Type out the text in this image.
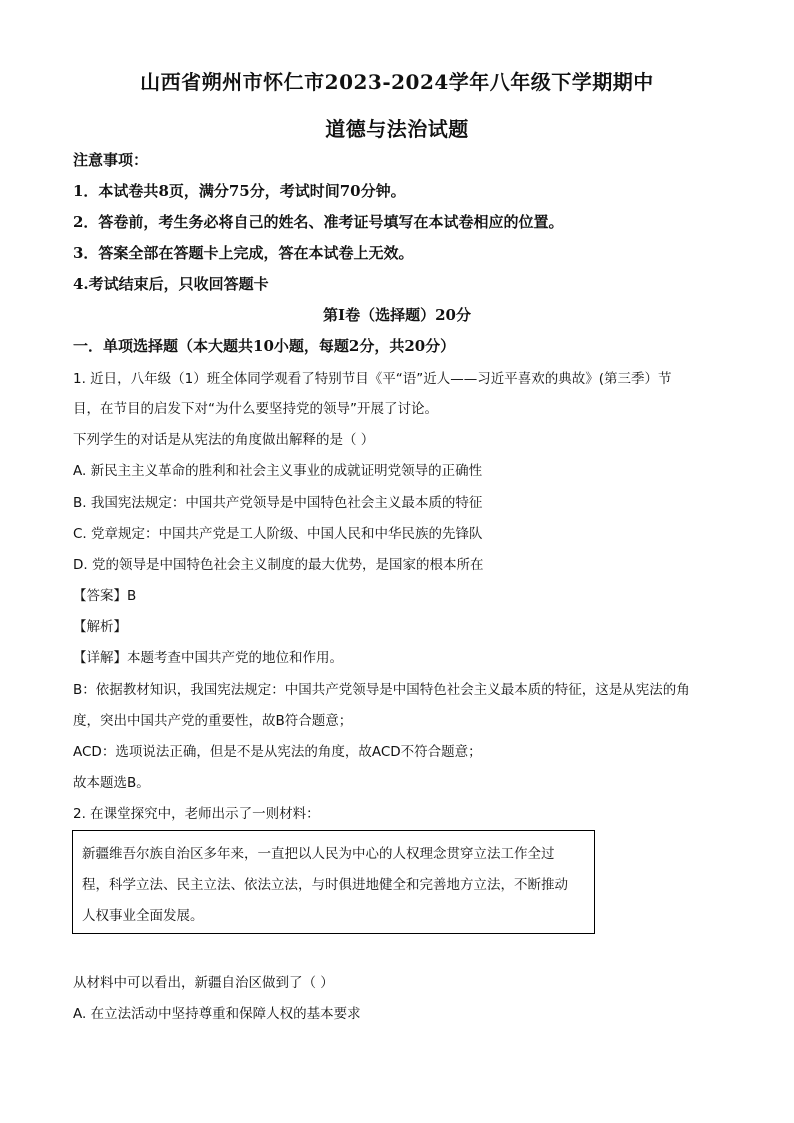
山西省朔州市怀仁市2023-2024学年八年级下学期期中
道德与法治试题
注意事项：
1．本试卷共8页，满分75分，考试时间70分钟。
2．答卷前，考生务必将自己的姓名、准考证号填写在本试卷相应的位置。
3．答案全部在答题卡上完成，答在本试卷上无效。
4.考试结束后，只收回答题卡
第Ⅰ卷（选择题）20分
一．单项选择题（本大题共10小题，每题2分，共20分）
1. 近日，八年级（1）班全体同学观看了特别节目《平“语”近人——习近平喜欢的典故》(第三季）节
目，在节目的启发下对“为什么要坚持党的领导”开展了讨论。
下列学生的对话是从宪法的角度做出解释的是（ ）
A. 新民主主义革命的胜利和社会主义事业的成就证明党领导的正确性
B. 我国宪法规定：中国共产党领导是中国特色社会主义最本质的特征
C. 党章规定：中国共产党是工人阶级、中国人民和中华民族的先锋队
D. 党的领导是中国特色社会主义制度的最大优势，是国家的根本所在
【答案】B
【解析】
【详解】本题考查中国共产党的地位和作用。
B：依据教材知识，我国宪法规定：中国共产党领导是中国特色社会主义最本质的特征，这是从宪法的角
度，突出中国共产党的重要性，故B符合题意；
ACD：选项说法正确，但是不是从宪法的角度，故ACD不符合题意；
故本题选B。
2. 在课堂探究中，老师出示了一则材料：
新疆维吾尔族自治区多年来，一直把以人民为中心的人权理念贯穿立法工作全过
程，科学立法、民主立法、依法立法，与时俱进地健全和完善地方立法，不断推动
人权事业全面发展。
从材料中可以看出，新疆自治区做到了（ ）
A. 在立法活动中坚持尊重和保障人权的基本要求
